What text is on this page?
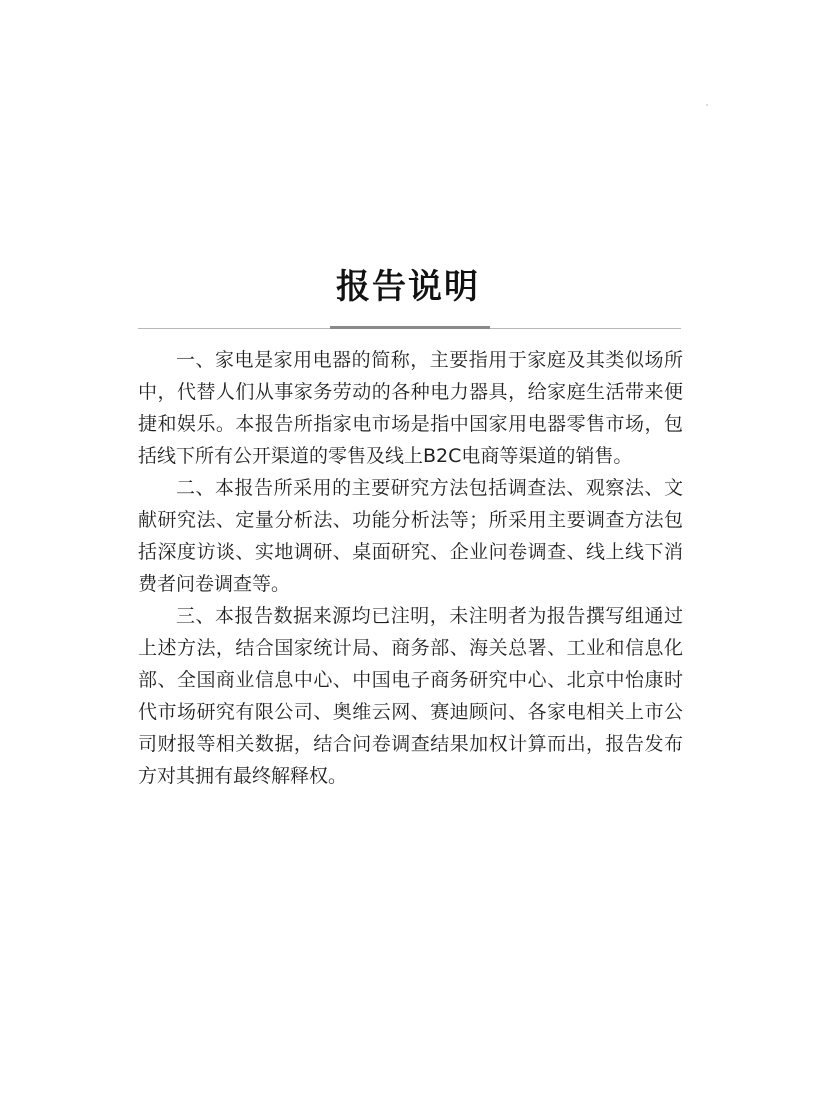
报告说明

一、家电是家用电器的简称，主要指用于家庭及其类似场所中，代替人们从事家务劳动的各种电力器具，给家庭生活带来便捷和娱乐。本报告所指家电市场是指中国家用电器零售市场，包括线下所有公开渠道的零售及线上B2C电商等渠道的销售。

二、本报告所采用的主要研究方法包括调查法、观察法、文献研究法、定量分析法、功能分析法等；所采用主要调查方法包括深度访谈、实地调研、桌面研究、企业问卷调查、线上线下消费者问卷调查等。

三、本报告数据来源均已注明，未注明者为报告撰写组通过上述方法，结合国家统计局、商务部、海关总署、工业和信息化部、全国商业信息中心、中国电子商务研究中心、北京中怡康时代市场研究有限公司、奥维云网、赛迪顾问、各家电相关上市公司财报等相关数据，结合问卷调查结果加权计算而出，报告发布方对其拥有最终解释权。
